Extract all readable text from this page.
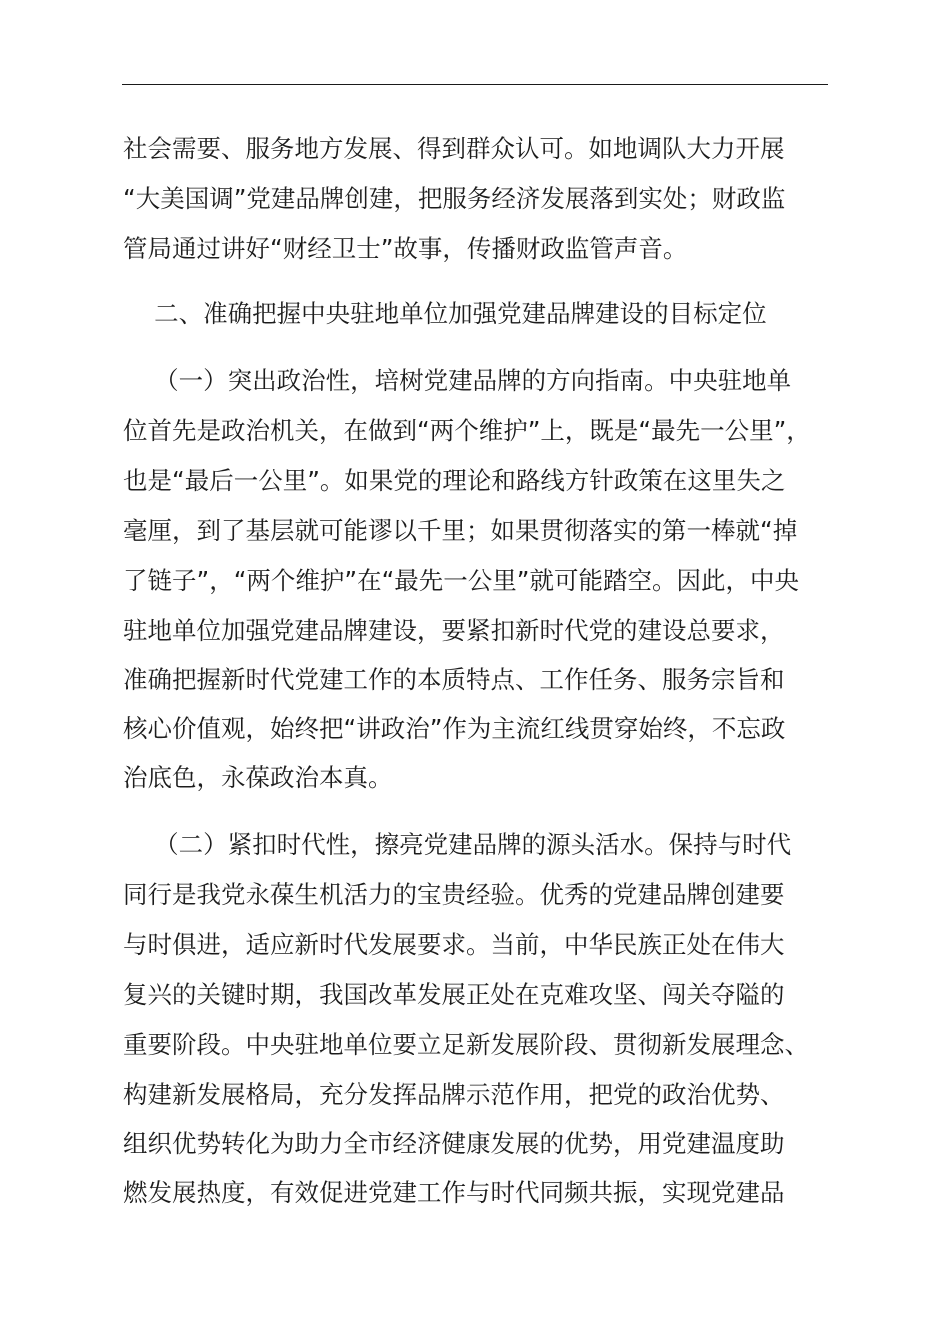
社会需要、服务地方发展、得到群众认可。如地调队大力开展
“大美国调”党建品牌创建，把服务经济发展落到实处；财政监
管局通过讲好“财经卫士”故事，传播财政监管声音。
二、准确把握中央驻地单位加强党建品牌建设的目标定位
（一）突出政治性，培树党建品牌的方向指南。中央驻地单
位首先是政治机关，在做到“两个维护”上，既是“最先一公里”，
也是“最后一公里”。如果党的理论和路线方针政策在这里失之
毫厘，到了基层就可能谬以千里；如果贯彻落实的第一棒就“掉
了链子”，“两个维护”在“最先一公里”就可能踏空。因此，中央
驻地单位加强党建品牌建设，要紧扣新时代党的建设总要求，
准确把握新时代党建工作的本质特点、工作任务、服务宗旨和
核心价值观，始终把“讲政治”作为主流红线贯穿始终，不忘政
治底色，永葆政治本真。
（二）紧扣时代性，擦亮党建品牌的源头活水。保持与时代
同行是我党永葆生机活力的宝贵经验。优秀的党建品牌创建要
与时俱进，适应新时代发展要求。当前，中华民族正处在伟大
复兴的关键时期，我国改革发展正处在克难攻坚、闯关夺隘的
重要阶段。中央驻地单位要立足新发展阶段、贯彻新发展理念、
构建新发展格局，充分发挥品牌示范作用，把党的政治优势、
组织优势转化为助力全市经济健康发展的优势，用党建温度助
燃发展热度，有效促进党建工作与时代同频共振，实现党建品
